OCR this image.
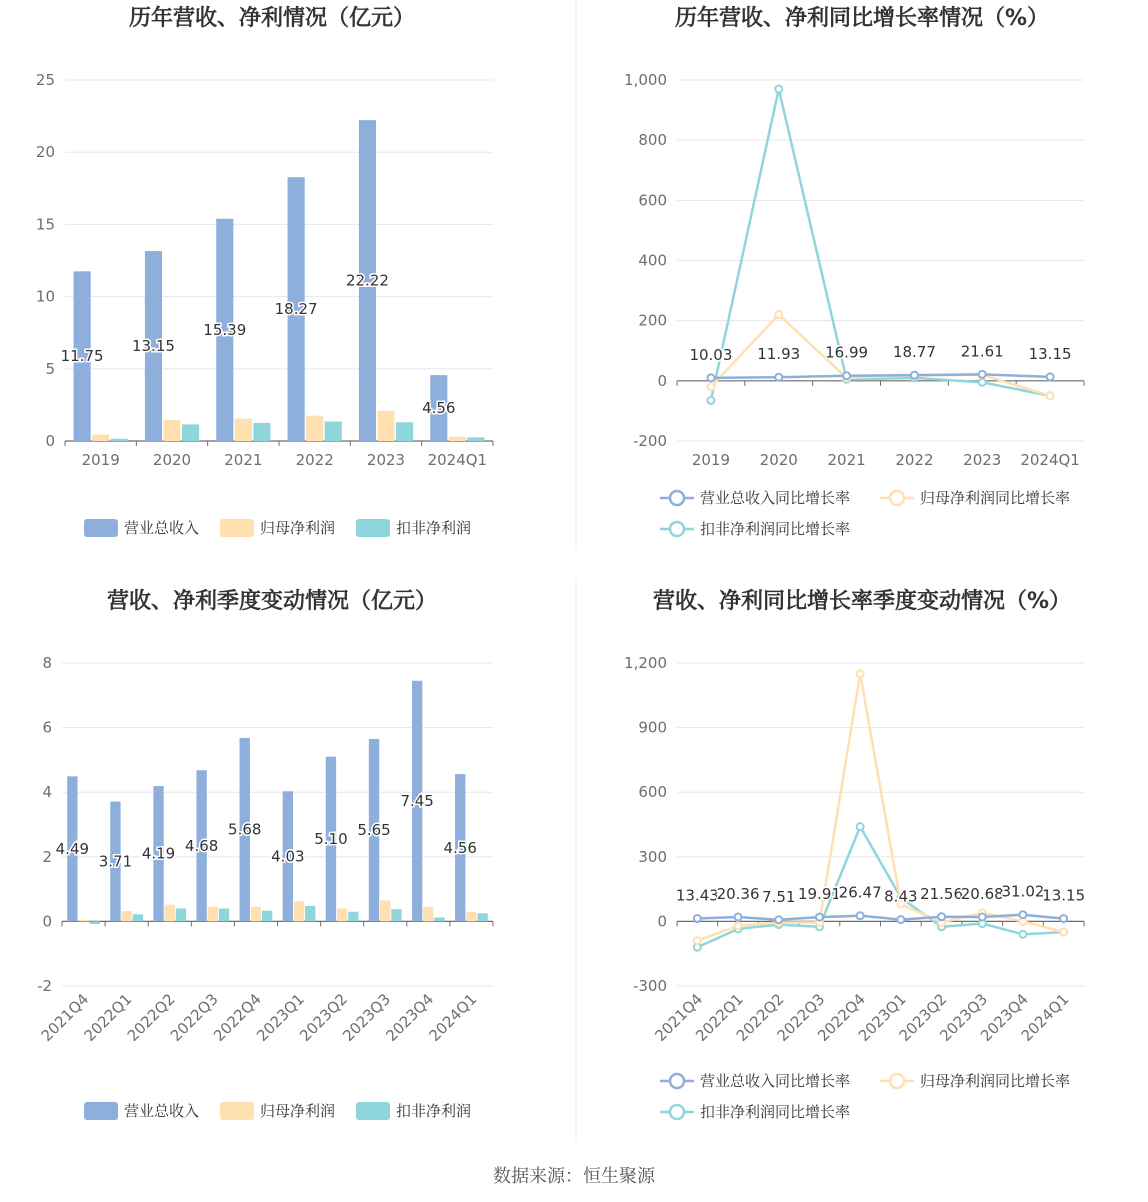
历年营收、净利情况（亿元）
0
5
10
15
20
25
2019 2020 2021 2022 2023 2024Q1
11.75
13.15
15.39
18.27
22.22
4.56
营业总收入	归母净利润	扣非净利润
历年营收、净利同比增长率情况（%）
-200
0
200
400
600
800
1,000
2019 2020 2021 2022 2023 2024Q1
10.03 11.93 16.99 18.77 21.61 13.15
营业总收入同比增长率	归母净利润同比增长率
扣非净利润同比增长率
营收、净利季度变动情况（亿元）
-2
0
2
4
6
8
2021Q4
2022Q1
2022Q2
2022Q3
2022Q4
2023Q1
2023Q2
2023Q3
2023Q4
2024Q1
4.49
3.71 4.19 4.68
5.68
4.03
5.10 5.65
7.45
4.56
营业总收入	归母净利润	扣非净利润
营收、净利同比增长率季度变动情况（%）
-300
0
300
600
900
1,200
2021Q4
2022Q1
2022Q2
2022Q3
2022Q4
2023Q1
2023Q2
2023Q3
2023Q4
2024Q1
13.43
20.36 7.51 19.91
26.47 8.43 21.56
20.68
31.02
13.15
营业总收入同比增长率	归母净利润同比增长率
扣非净利润同比增长率
数据来源：恒生聚源
